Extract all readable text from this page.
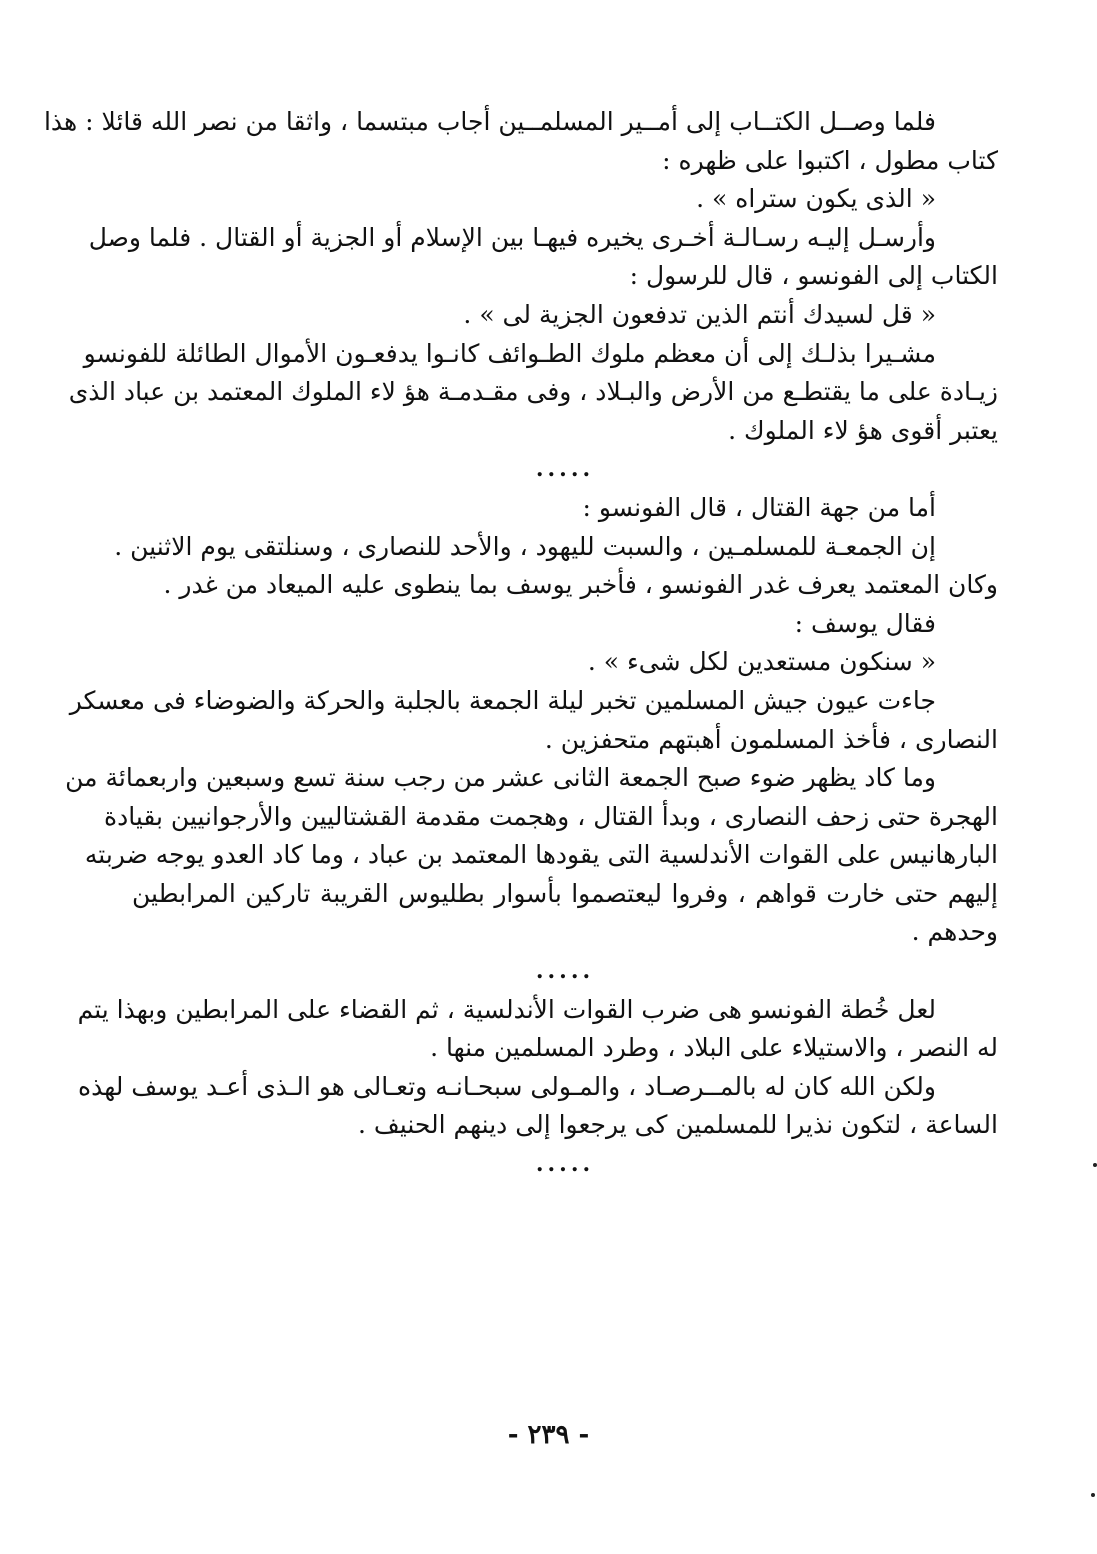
فلما وصــل الكتــاب إلى أمــير المسلمــين أجاب مبتسما ، واثقا من نصر الله قائلا : هذا
كتاب مطول ، اكتبوا على ظهره :
« الذى يكون ستراه » .
وأرسـل إليـه رسـالـة أخـرى يخيره فيهـا بين الإسلام أو الجزية أو القتال . فلما وصل
الكتاب إلى الفونسو ، قال للرسول :
« قل لسيدك أنتم الذين تدفعون الجزية لى » .
مشـيرا بذلـك إلى أن معظم ملوك الطـوائف كانـوا يدفعـون الأموال الطائلة للفونسو
زيـادة على ما يقتطـع من الأرض والبـلاد ، وفى مقـدمـة هؤ لاء الملوك المعتمد بن عباد الذى
يعتبر أقوى هؤ لاء الملوك .
.....
أما من جهة القتال ، قال الفونسو :
إن الجمعـة للمسلمـين ، والسبت لليهود ، والأحد للنصارى ، وسنلتقى يوم الاثنين .
وكان المعتمد يعرف غدر الفونسو ، فأخبر يوسف بما ينطوى عليه الميعاد من غدر .
فقال يوسف :
« سنكون مستعدين لكل شىء » .
جاءت عيون جيش المسلمين تخبر ليلة الجمعة بالجلبة والحركة والضوضاء فى معسكر
النصارى ، فأخذ المسلمون أهبتهم متحفزين .
وما كاد يظهر ضوء صبح الجمعة الثانى عشر من رجب سنة تسع وسبعين واربعمائة من
الهجرة حتى زحف النصارى ، وبدأ القتال ، وهجمت مقدمة القشتاليين والأرجوانيين بقيادة
البارهانيس على القوات الأندلسية التى يقودها المعتمد بن عباد ، وما كاد العدو يوجه ضربته
إليهم حتى خارت قواهم ، وفروا ليعتصموا بأسوار بطليوس القريبة تاركين المرابطين
وحدهم .
.....
لعل خُطة الفونسو هى ضرب القوات الأندلسية ، ثم القضاء على المرابطين وبهذا يتم
له النصر ، والاستيلاء على البلاد ، وطرد المسلمين منها .
ولكن الله كان له بالمــرصـاد ، والمـولى سبحـانـه وتعـالى هو الـذى أعـد يوسف لهذه
الساعة ، لتكون نذيرا للمسلمين كى يرجعوا إلى دينهم الحنيف .
.....
- ٢٣٩ -
